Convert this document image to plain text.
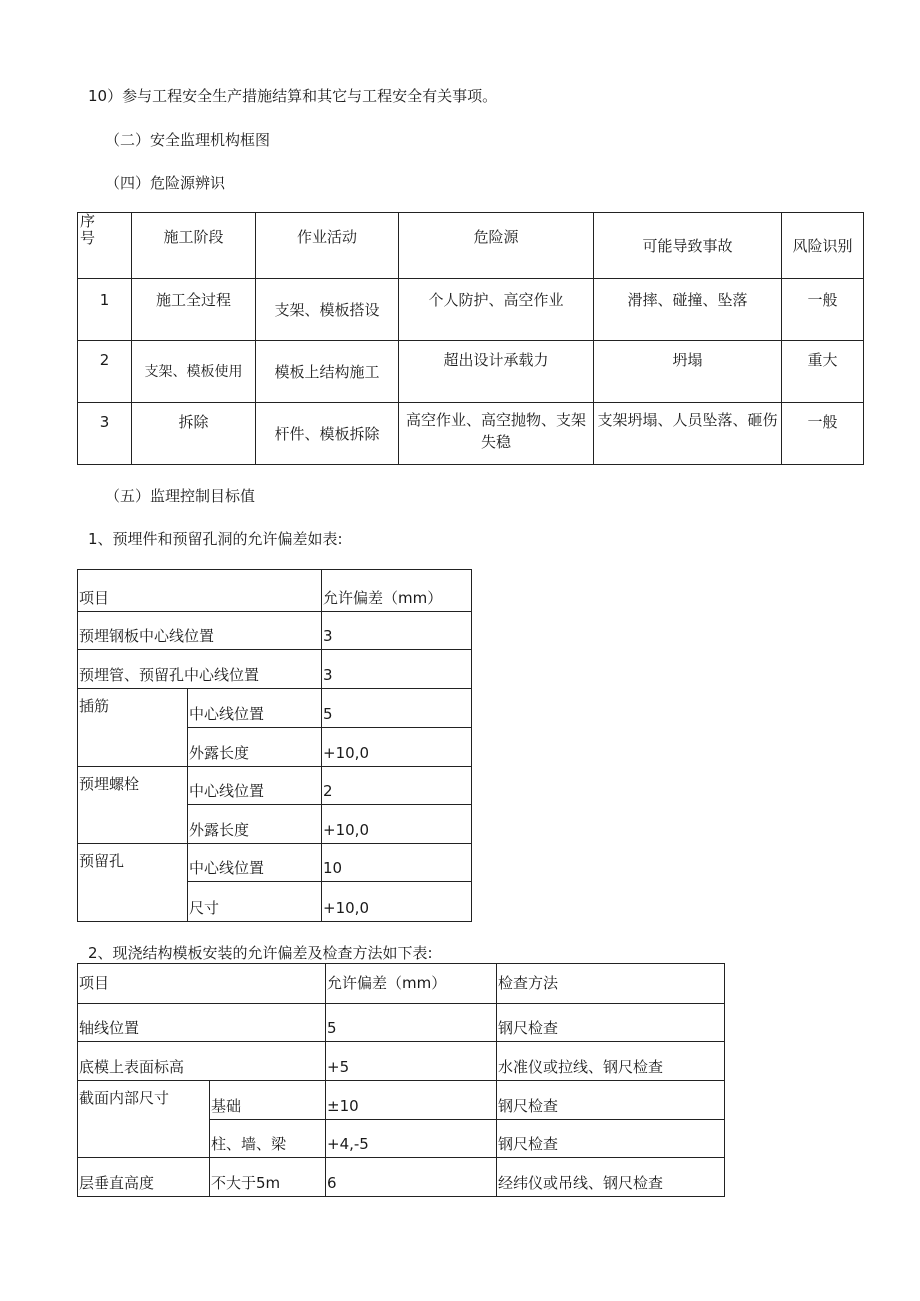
10）参与工程安全生产措施结算和其它与工程安全有关事项。
（二）安全监理机构框图
（四）危险源辨识
序
号	施工阶段	作业活动	危险源	可能导致事故	风险识别
1	施工全过程	支架、模板搭设	个人防护、高空作业	滑摔、碰撞、坠落	一般
2	支架、模板使用	模板上结构施工	超出设计承载力	坍塌	重大
3	拆除	杆件、模板拆除	高空作业、高空抛物、支架失稳	支架坍塌、人员坠落、砸伤	一般
（五）监理控制目标值
1、预埋件和预留孔洞的允许偏差如表:
项目		允许偏差（mm）
预埋钢板中心线位置		3
预埋管、预留孔中心线位置		3
插筋	中心线位置	5
	外露长度	+10,0
预埋螺栓	中心线位置	2
	外露长度	+10,0
预留孔	中心线位置	10
	尺寸	+10,0
2、现浇结构模板安装的允许偏差及检查方法如下表:
项目		允许偏差（mm）	检查方法
轴线位置		5	钢尺检查
底模上表面标高		+5	水准仪或拉线、钢尺检查
截面内部尺寸	基础	±10	钢尺检查
	柱、墙、梁	+4,-5	钢尺检查
层垂直高度	不大于5m	6	经纬仪或吊线、钢尺检查
